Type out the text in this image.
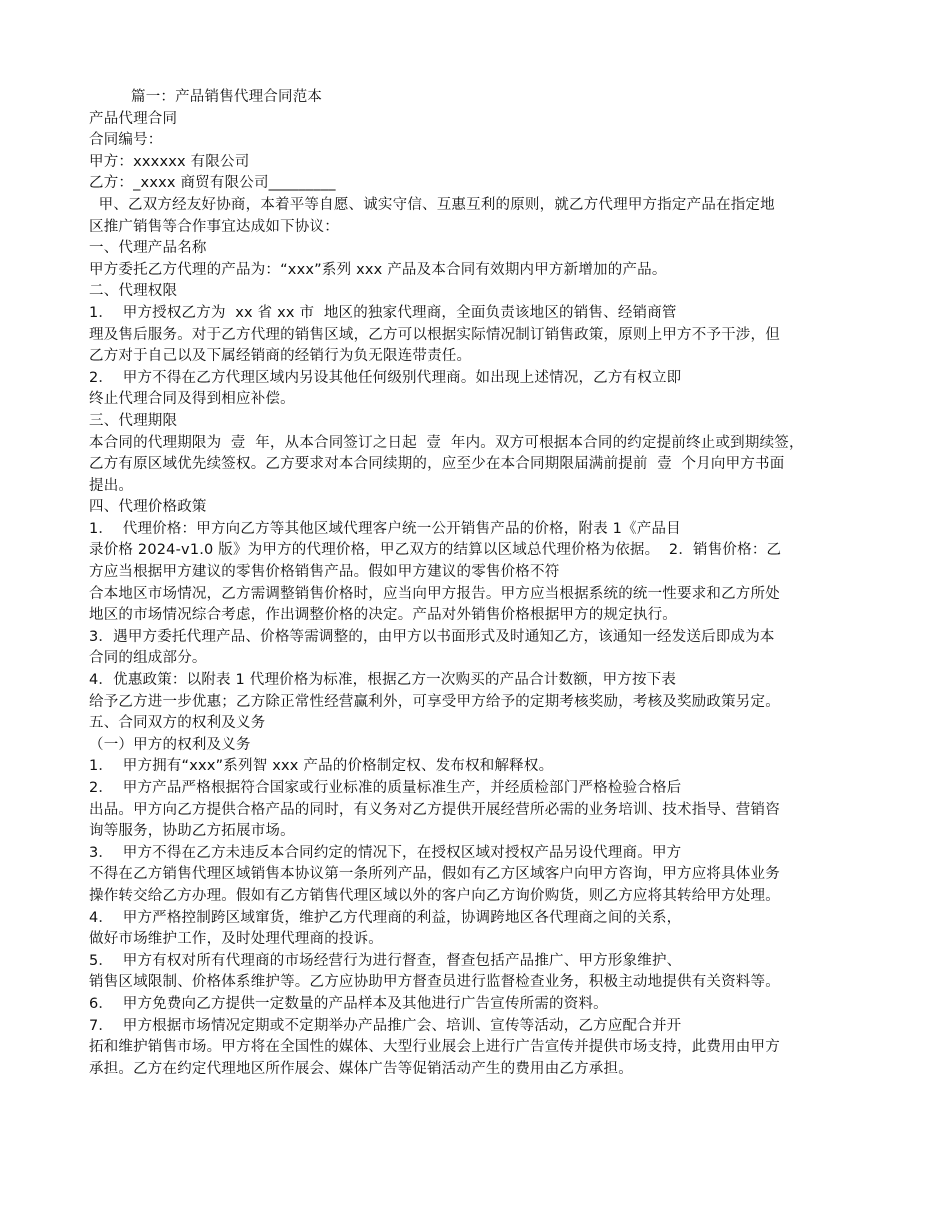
篇一：产品销售代理合同范本
产品代理合同
合同编号：
甲方：xxxxxx 有限公司
乙方：_xxxx 商贸有限公司_________
甲、乙双方经友好协商，本着平等自愿、诚实守信、互惠互利的原则，就乙方代理甲方指定产品在指定地
区推广销售等合作事宜达成如下协议：
一、代理产品名称
甲方委托乙方代理的产品为：“xxx”系列 xxx 产品及本合同有效期内甲方新增加的产品。
二、代理权限
1．  甲方授权乙方为  xx 省 xx 市  地区的独家代理商，全面负责该地区的销售、经销商管
理及售后服务。对于乙方代理的销售区域，乙方可以根据实际情况制订销售政策，原则上甲方不予干涉，但
乙方对于自己以及下属经销商的经销行为负无限连带责任。
2．  甲方不得在乙方代理区域内另设其他任何级别代理商。如出现上述情况，乙方有权立即
终止代理合同及得到相应补偿。
三、代理期限
本合同的代理期限为  壹  年，从本合同签订之日起  壹  年内。双方可根据本合同的约定提前终止或到期续签，
乙方有原区域优先续签权。乙方要求对本合同续期的，应至少在本合同期限届满前提前  壹  个月向甲方书面
提出。
四、代理价格政策
1．  代理价格：甲方向乙方等其他区域代理客户统一公开销售产品的价格，附表 1《产品目
录价格 2024-v1.0 版》为甲方的代理价格，甲乙双方的结算以区域总代理价格为依据。  2．销售价格：乙
方应当根据甲方建议的零售价格销售产品。假如甲方建议的零售价格不符
合本地区市场情况，乙方需调整销售价格时，应当向甲方报告。甲方应当根据系统的统一性要求和乙方所处
地区的市场情况综合考虑，作出调整价格的决定。产品对外销售价格根据甲方的规定执行。
3．遇甲方委托代理产品、价格等需调整的，由甲方以书面形式及时通知乙方，该通知一经发送后即成为本
合同的组成部分。
4．优惠政策：以附表 1 代理价格为标准，根据乙方一次购买的产品合计数额，甲方按下表
给予乙方进一步优惠；乙方除正常性经营赢利外，可享受甲方给予的定期考核奖励，考核及奖励政策另定。
五、合同双方的权利及义务
（一）甲方的权利及义务
1．  甲方拥有“xxx”系列智 xxx 产品的价格制定权、发布权和解释权。
2．  甲方产品严格根据符合国家或行业标准的质量标准生产，并经质检部门严格检验合格后
出品。甲方向乙方提供合格产品的同时，有义务对乙方提供开展经营所必需的业务培训、技术指导、营销咨
询等服务，协助乙方拓展市场。
3．  甲方不得在乙方未违反本合同约定的情况下，在授权区域对授权产品另设代理商。甲方
不得在乙方销售代理区域销售本协议第一条所列产品，假如有乙方区域客户向甲方咨询，甲方应将具体业务
操作转交给乙方办理。假如有乙方销售代理区域以外的客户向乙方询价购货，则乙方应将其转给甲方处理。
4．  甲方严格控制跨区域窜货，维护乙方代理商的利益，协调跨地区各代理商之间的关系，
做好市场维护工作，及时处理代理商的投诉。
5．  甲方有权对所有代理商的市场经营行为进行督查，督查包括产品推广、甲方形象维护、
销售区域限制、价格体系维护等。乙方应协助甲方督查员进行监督检查业务，积极主动地提供有关资料等。
6．  甲方免费向乙方提供一定数量的产品样本及其他进行广告宣传所需的资料。
7．  甲方根据市场情况定期或不定期举办产品推广会、培训、宣传等活动，乙方应配合并开
拓和维护销售市场。甲方将在全国性的媒体、大型行业展会上进行广告宣传并提供市场支持，此费用由甲方
承担。乙方在约定代理地区所作展会、媒体广告等促销活动产生的费用由乙方承担。
